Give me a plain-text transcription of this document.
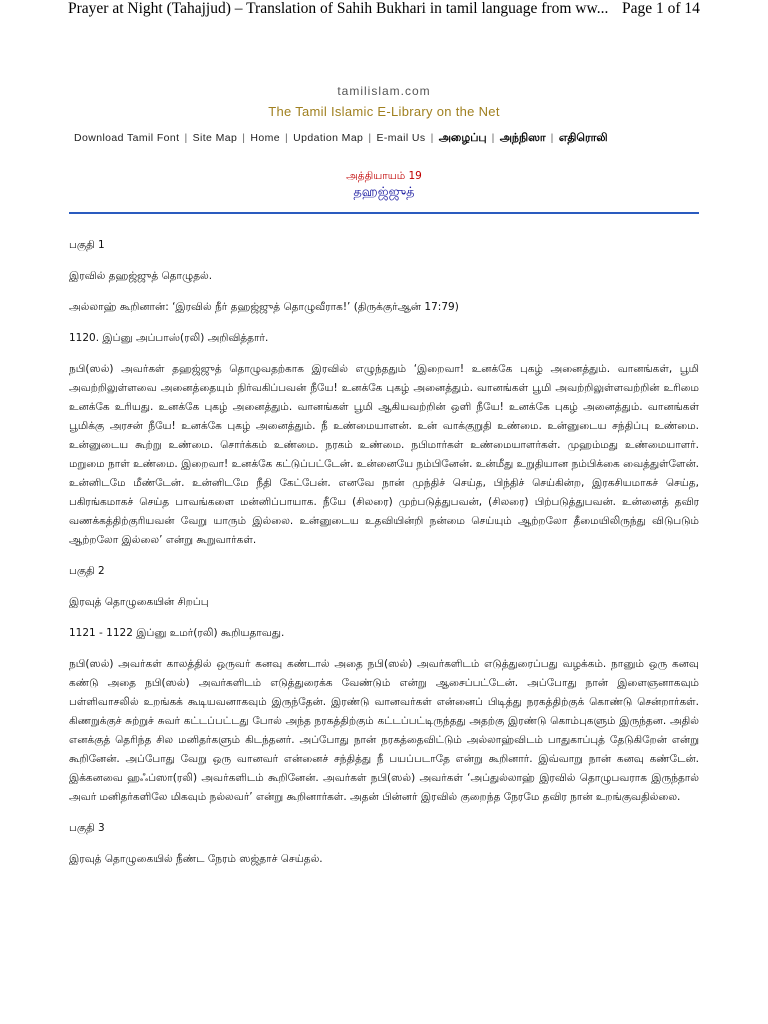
Prayer at Night (Tahajjud) – Translation of Sahih Bukhari in tamil language from ww... Page 1 of 14
tamilislam.com
The Tamil Islamic E-Library on the Net
Download Tamil Font | Site Map | Home | Updation Map | E-mail Us | அழைப்பு | அந்நிஸா | எதிரொலி
அத்தியாயம் 19
தஹஜ்ஜுத்

பகுதி 1

இரவில் தஹஜ்ஜுத் தொழுதல்.

அல்லாஹ் கூறினான்: ‘இரவில் நீர் தஹஜ்ஜுத் தொழுவீராக!’ (திருக்குர்ஆன் 17:79)

1120. இப்னு அப்பாஸ்(ரலி) அறிவித்தார்.

நபி(ஸல்) அவர்கள் தஹஜ்ஜுத் தொழுவதற்காக இரவில் எழுந்ததும் ‘இறைவா! உனக்கே புகழ் அனைத்தும். வானங்கள், பூமி அவற்றிலுள்ளவை அனைத்தையும் நிர்வகிப்பவன் நீயே! உனக்கே புகழ் அனைத்தும். வானங்கள் பூமி அவற்றிலுள்ளவற்றின் உரிமை உனக்கே உரியது. உனக்கே புகழ் அனைத்தும். வானங்கள் பூமி ஆகியவற்றின் ஒளி நீயே! உனக்கே புகழ் அனைத்தும். வானங்கள் பூமிக்கு அரசன் நீயே! உனக்கே புகழ் அனைத்தும். நீ உண்மையாளன். உன் வாக்குறுதி உண்மை. உன்னுடைய சந்திப்பு உண்மை. உன்னுடைய கூற்று உண்மை. சொர்க்கம் உண்மை. நரகம் உண்மை. நபிமார்கள் உண்மையாளர்கள். முஹம்மது உண்மையாளர். மறுமை நாள் உண்மை. இறைவா! உனக்கே கட்டுப்பட்டேன். உன்னையே நம்பினேன். உன்மீது உறுதியான நம்பிக்கை வைத்துள்ளேன். உன்னிடமே மீண்டேன். உன்னிடமே நீதி கேட்பேன். எனவே நான் முந்திச் செய்த, பிந்திச் செய்கின்ற, இரகசியமாகச் செய்த, பகிரங்கமாகச் செய்த பாவங்களை மன்னிப்பாயாக. நீயே (சிலரை) முற்படுத்துபவன், (சிலரை) பிற்படுத்துபவன். உன்னைத் தவிர வணக்கத்திற்குரியவன் வேறு யாரும் இல்லை. உன்னுடைய உதவியின்றி நன்மை செய்யும் ஆற்றலோ தீமையிலிருந்து விடுபடும் ஆற்றலோ இல்லை’ என்று கூறுவார்கள்.

பகுதி 2

இரவுத் தொழுகையின் சிறப்பு

1121 - 1122 இப்னு உமர்(ரலி) கூறியதாவது.

நபி(ஸல்) அவர்கள் காலத்தில் ஒருவர் கனவு கண்டால் அதை நபி(ஸல்) அவர்களிடம் எடுத்துரைப்பது வழக்கம். நானும் ஒரு கனவு கண்டு அதை நபி(ஸல்) அவர்களிடம் எடுத்துரைக்க வேண்டும் என்று ஆசைப்பட்டேன். அப்போது நான் இளைஞனாகவும் பள்ளிவாசலில் உறங்கக் கூடியவனாகவும் இருந்தேன். இரண்டு வானவர்கள் என்னைப் பிடித்து நரகத்திற்குக் கொண்டு சென்றார்கள். கிணறுக்குச் சுற்றுச் சுவர் கட்டப்பட்டது போல் அந்த நரகத்திற்கும் கட்டப்பட்டிருந்தது அதற்கு இரண்டு கொம்புகளும் இருந்தன. அதில் எனக்குத் தெரிந்த சில மனிதர்களும் கிடந்தனர். அப்போது நான் நரகத்தைவிட்டும் அல்லாஹ்விடம் பாதுகாப்புத் தேடுகிறேன் என்று கூறினேன். அப்போது வேறு ஒரு வானவர் என்னைச் சந்தித்து நீ பயப்படாதே என்று கூறினார். இவ்வாறு நான் கனவு கண்டேன். இக்கனவை ஹஃப்ஸா(ரலி) அவர்களிடம் கூறினேன். அவர்கள் நபி(ஸல்) அவர்கள் ‘அப்துல்லாஹ் இரவில் தொழுபவராக இருந்தால் அவர் மனிதர்களிலே மிகவும் நல்லவர்’ என்று கூறினார்கள். அதன் பின்னர் இரவில் குறைந்த நேரமே தவிர நான் உறங்குவதில்லை.

பகுதி 3

இரவுத் தொழுகையில் நீண்ட நேரம் ஸஜ்தாச் செய்தல்.
